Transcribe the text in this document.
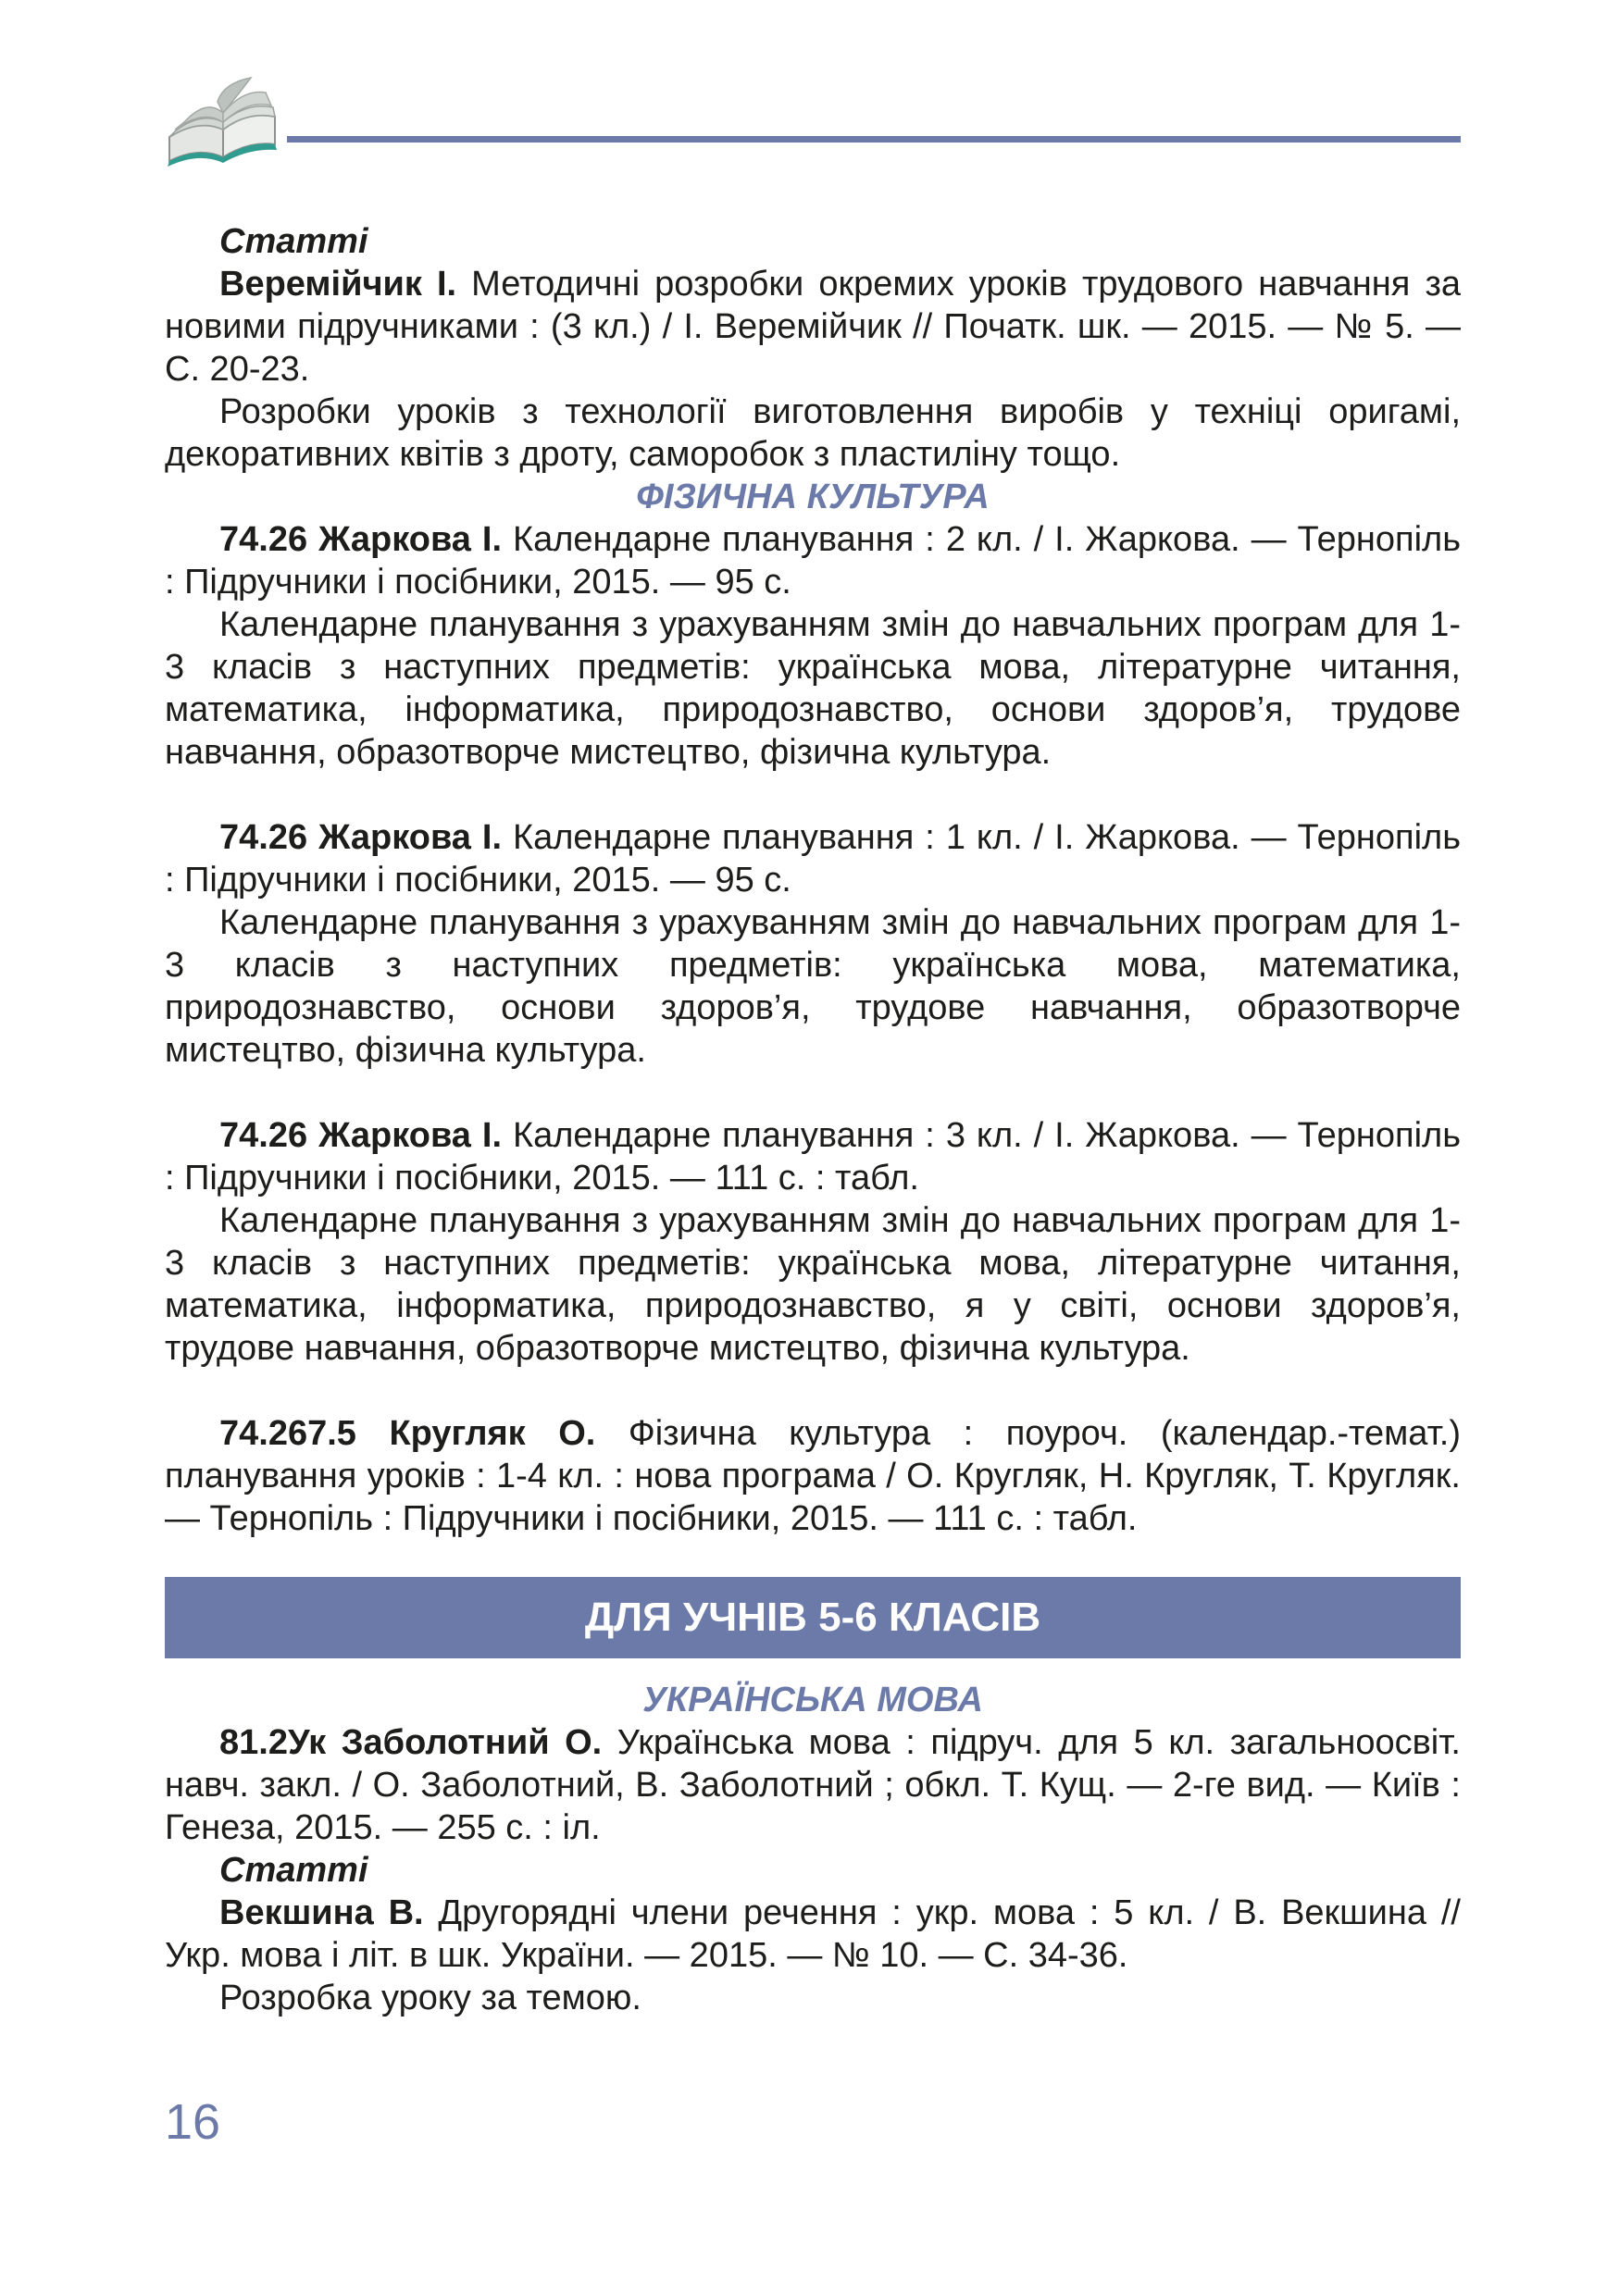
Статті

Веремійчик І. Методичні розробки окремих уроків трудового навчання за новими підручниками : (3 кл.) / І. Веремійчик // Початк. шк. — 2015. — № 5. — С. 20-23.

Розробки уроків з технології виготовлення виробів у техніці оригамі, декоративних квітів з дроту, саморобок з пластиліну тощо.

ФІЗИЧНА КУЛЬТУРА

74.26 Жаркова І. Календарне планування : 2 кл. / І. Жаркова. — Тернопіль : Підручники і посібники, 2015. — 95 с.

Календарне планування з урахуванням змін до навчальних програм для 1-3 класів з наступних предметів: українська мова, літературне читання, математика, інформатика, природознавство, основи здоров’я, трудове навчання, образотворче мистецтво, фізична культура.

74.26 Жаркова І. Календарне планування : 1 кл. / І. Жаркова. — Тернопіль : Підручники і посібники, 2015. — 95 с.

Календарне планування з урахуванням змін до навчальних програм для 1-3 класів з наступних предметів: українська мова, математика, природознавство, основи здоров’я, трудове навчання, образотворче мистецтво, фізична культура.

74.26 Жаркова І. Календарне планування : 3 кл. / І. Жаркова. — Тернопіль : Підручники і посібники, 2015. — 111 с. : табл.

Календарне планування з урахуванням змін до навчальних програм для 1-3 класів з наступних предметів: українська мова, літературне читання, математика, інформатика, природознавство, я у світі, основи здоров’я, трудове навчання, образотворче мистецтво, фізична культура.

74.267.5 Кругляк О. Фізична культура : поуроч. (календар.-темат.) планування уроків : 1-4 кл. : нова програма / О. Кругляк, Н. Кругляк, Т. Кругляк. — Тернопіль : Підручники і посібники, 2015. — 111 с. : табл.

ДЛЯ УЧНІВ 5-6 КЛАСІВ

УКРАЇНСЬКА МОВА

81.2Ук Заболотний О. Українська мова : підруч. для 5 кл. загальноосвіт. навч. закл. / О. Заболотний, В. Заболотний ; обкл. Т. Кущ. — 2-ге вид. — Київ : Генеза, 2015. — 255 с. : іл.

Статті

Векшина В. Другорядні члени речення : укр. мова : 5 кл. / В. Векшина // Укр. мова і літ. в шк. України. — 2015. — № 10. — С. 34-36.

Розробка уроку за темою.

16
